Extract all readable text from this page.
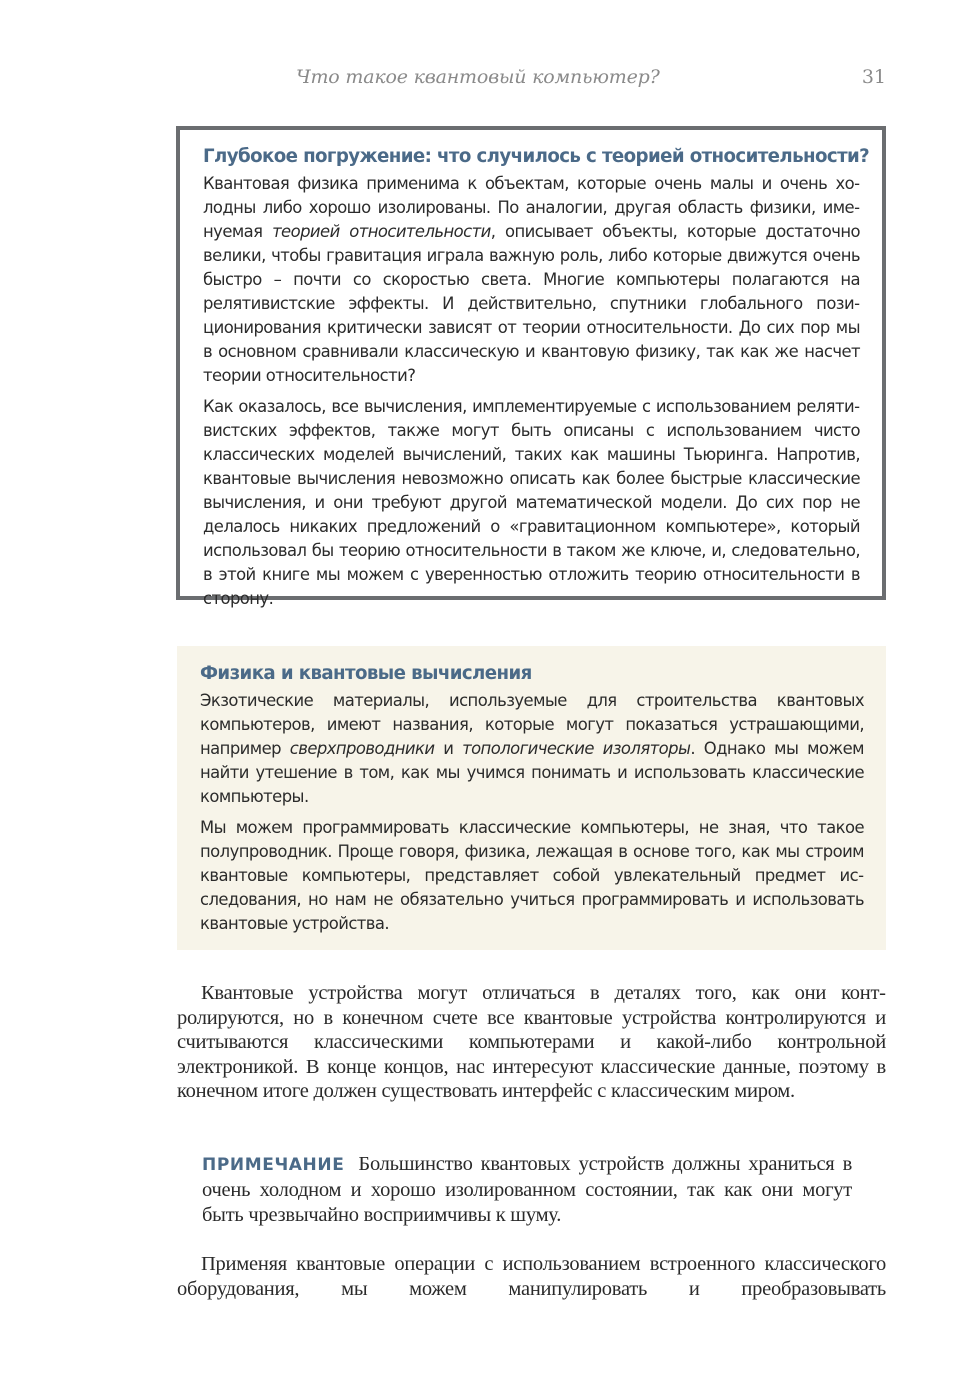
Что такое квантовый компьютер?	31
Глубокое погружение: что случилось с теорией относительности?

Квантовая физика применима к объектам, которые очень малы и очень холодны либо хорошо изолированы. По аналогии, другая область физики, именуемая теорией относительности, описывает объекты, которые достаточно велики, чтобы гравитация играла важную роль, либо которые движутся очень быстро – почти со скоростью света. Многие компьютеры полагаются на релятивистские эффекты. И действительно, спутники глобального позиционирования критически зависят от теории относительности. До сих пор мы в основном сравнивали классическую и квантовую физику, так как же насчет теории относительности?

Как оказалось, все вычисления, имплементируемые с использованием релятивистских эффектов, также могут быть описаны с использованием чисто классических моделей вычислений, таких как машины Тьюринга. Напротив, квантовые вычисления невозможно описать как более быстрые классические вычисления, и они требуют другой математической модели. До сих пор не делалось никаких предложений о «гравитационном компьютере», который использовал бы теорию относительности в таком же ключе, и, следовательно, в этой книге мы можем с уверенностью отложить теорию относительности в сторону.

Физика и квантовые вычисления

Экзотические материалы, используемые для строительства квантовых компьютеров, имеют названия, которые могут показаться устрашающими, например сверхпроводники и топологические изоляторы. Однако мы можем найти утешение в том, как мы учимся понимать и использовать классические компьютеры.

Мы можем программировать классические компьютеры, не зная, что такое полупроводник. Проще говоря, физика, лежащая в основе того, как мы строим квантовые компьютеры, представляет собой увлекательный предмет исследования, но нам не обязательно учиться программировать и использовать квантовые устройства.

Квантовые устройства могут отличаться в деталях того, как они контролируются, но в конечном счете все квантовые устройства контролируются и считываются классическими компьютерами и какой-либо контрольной электроникой. В конце концов, нас интересуют классические данные, поэтому в конечном итоге должен существовать интерфейс с классическим миром.

ПРИМЕЧАНИЕ Большинство квантовых устройств должны храниться в очень холодном и хорошо изолированном состоянии, так как они могут быть чрезвычайно восприимчивы к шуму.

Применяя квантовые операции с использованием встроенного классического оборудования, мы можем манипулировать и преобразовывать
